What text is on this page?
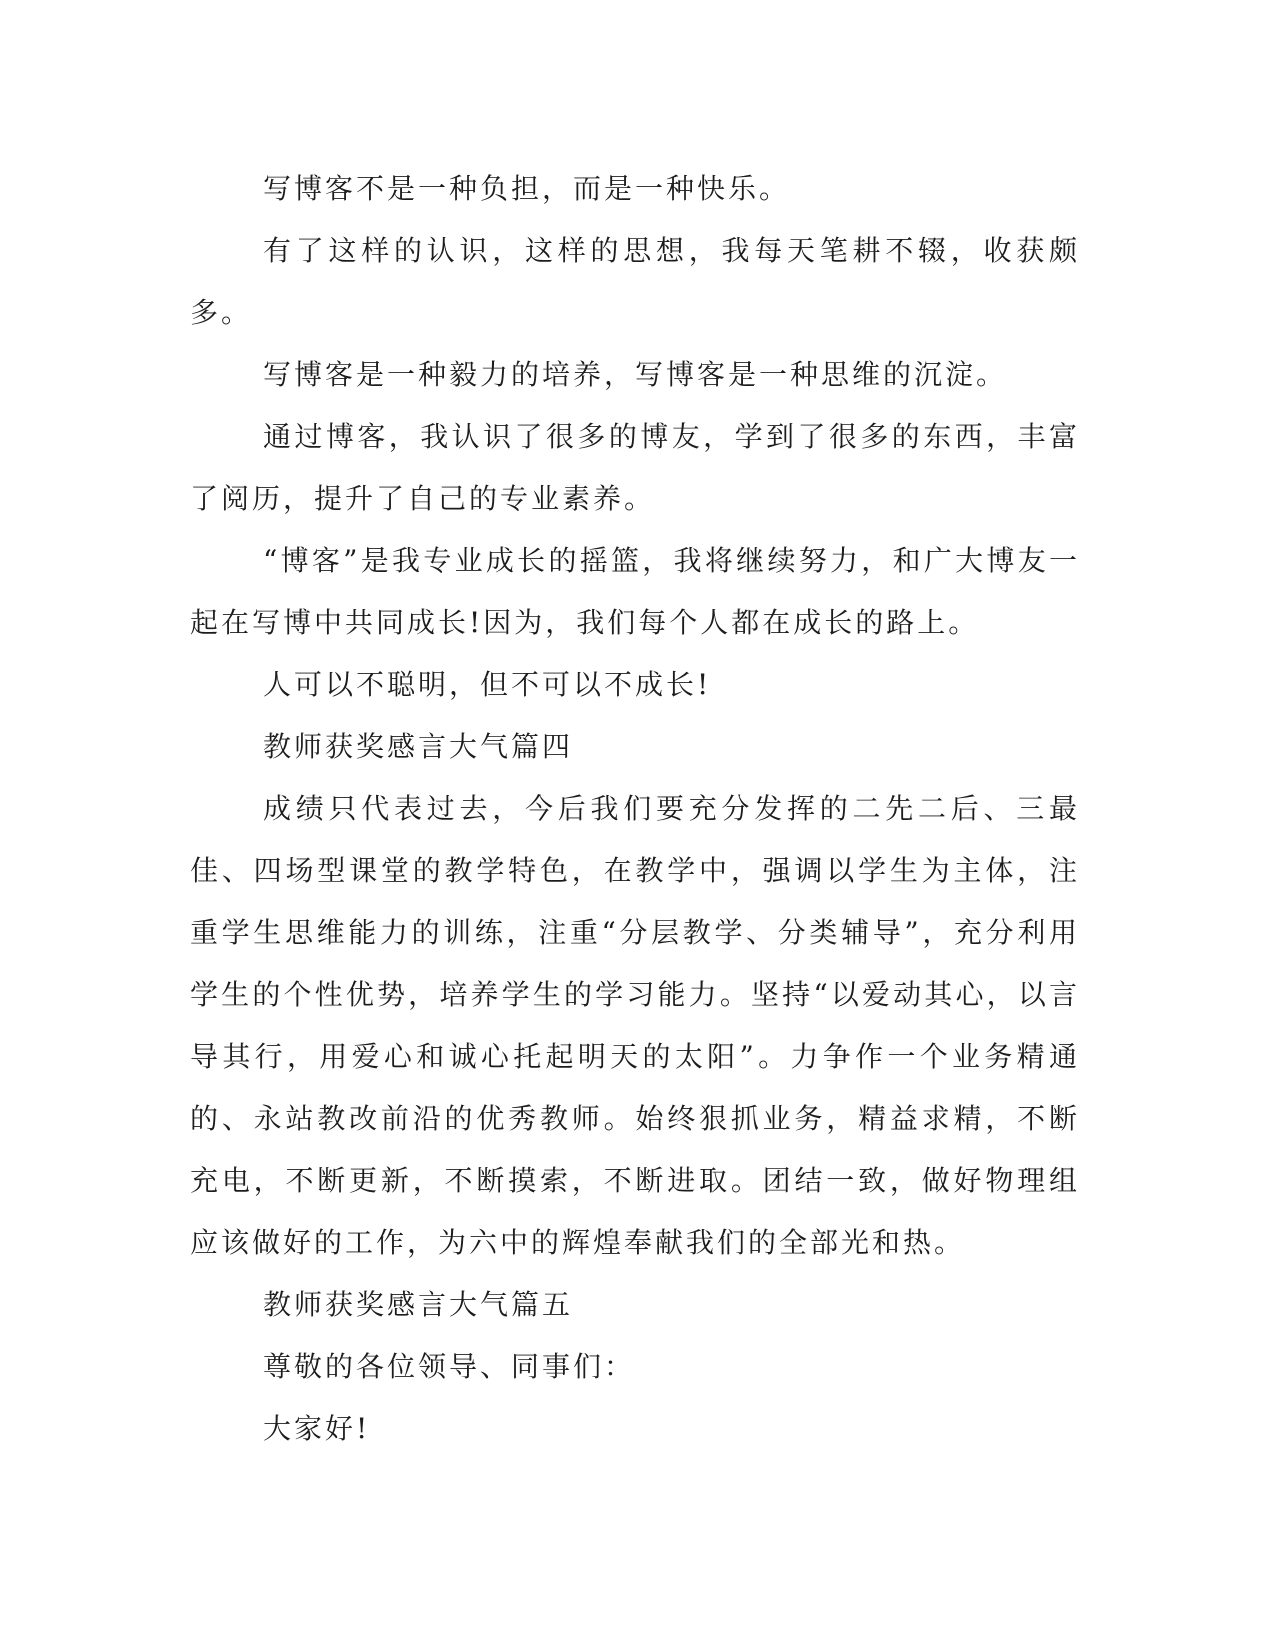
写博客不是一种负担，而是一种快乐。

有了这样的认识，这样的思想，我每天笔耕不辍，收获颇多。

写博客是一种毅力的培养，写博客是一种思维的沉淀。

通过博客，我认识了很多的博友，学到了很多的东西，丰富了阅历，提升了自己的专业素养。

“博客”是我专业成长的摇篮，我将继续努力，和广大博友一起在写博中共同成长!因为，我们每个人都在成长的路上。

人可以不聪明，但不可以不成长!

教师获奖感言大气篇四

成绩只代表过去，今后我们要充分发挥的二先二后、三最佳、四场型课堂的教学特色，在教学中，强调以学生为主体，注重学生思维能力的训练，注重“分层教学、分类辅导”，充分利用学生的个性优势，培养学生的学习能力。坚持“以爱动其心，以言导其行，用爱心和诚心托起明天的太阳”。力争作一个业务精通的、永站教改前沿的优秀教师。始终狠抓业务，精益求精，不断充电，不断更新，不断摸索，不断进取。团结一致，做好物理组应该做好的工作，为六中的辉煌奉献我们的全部光和热。

教师获奖感言大气篇五

尊敬的各位领导、同事们：

大家好!
